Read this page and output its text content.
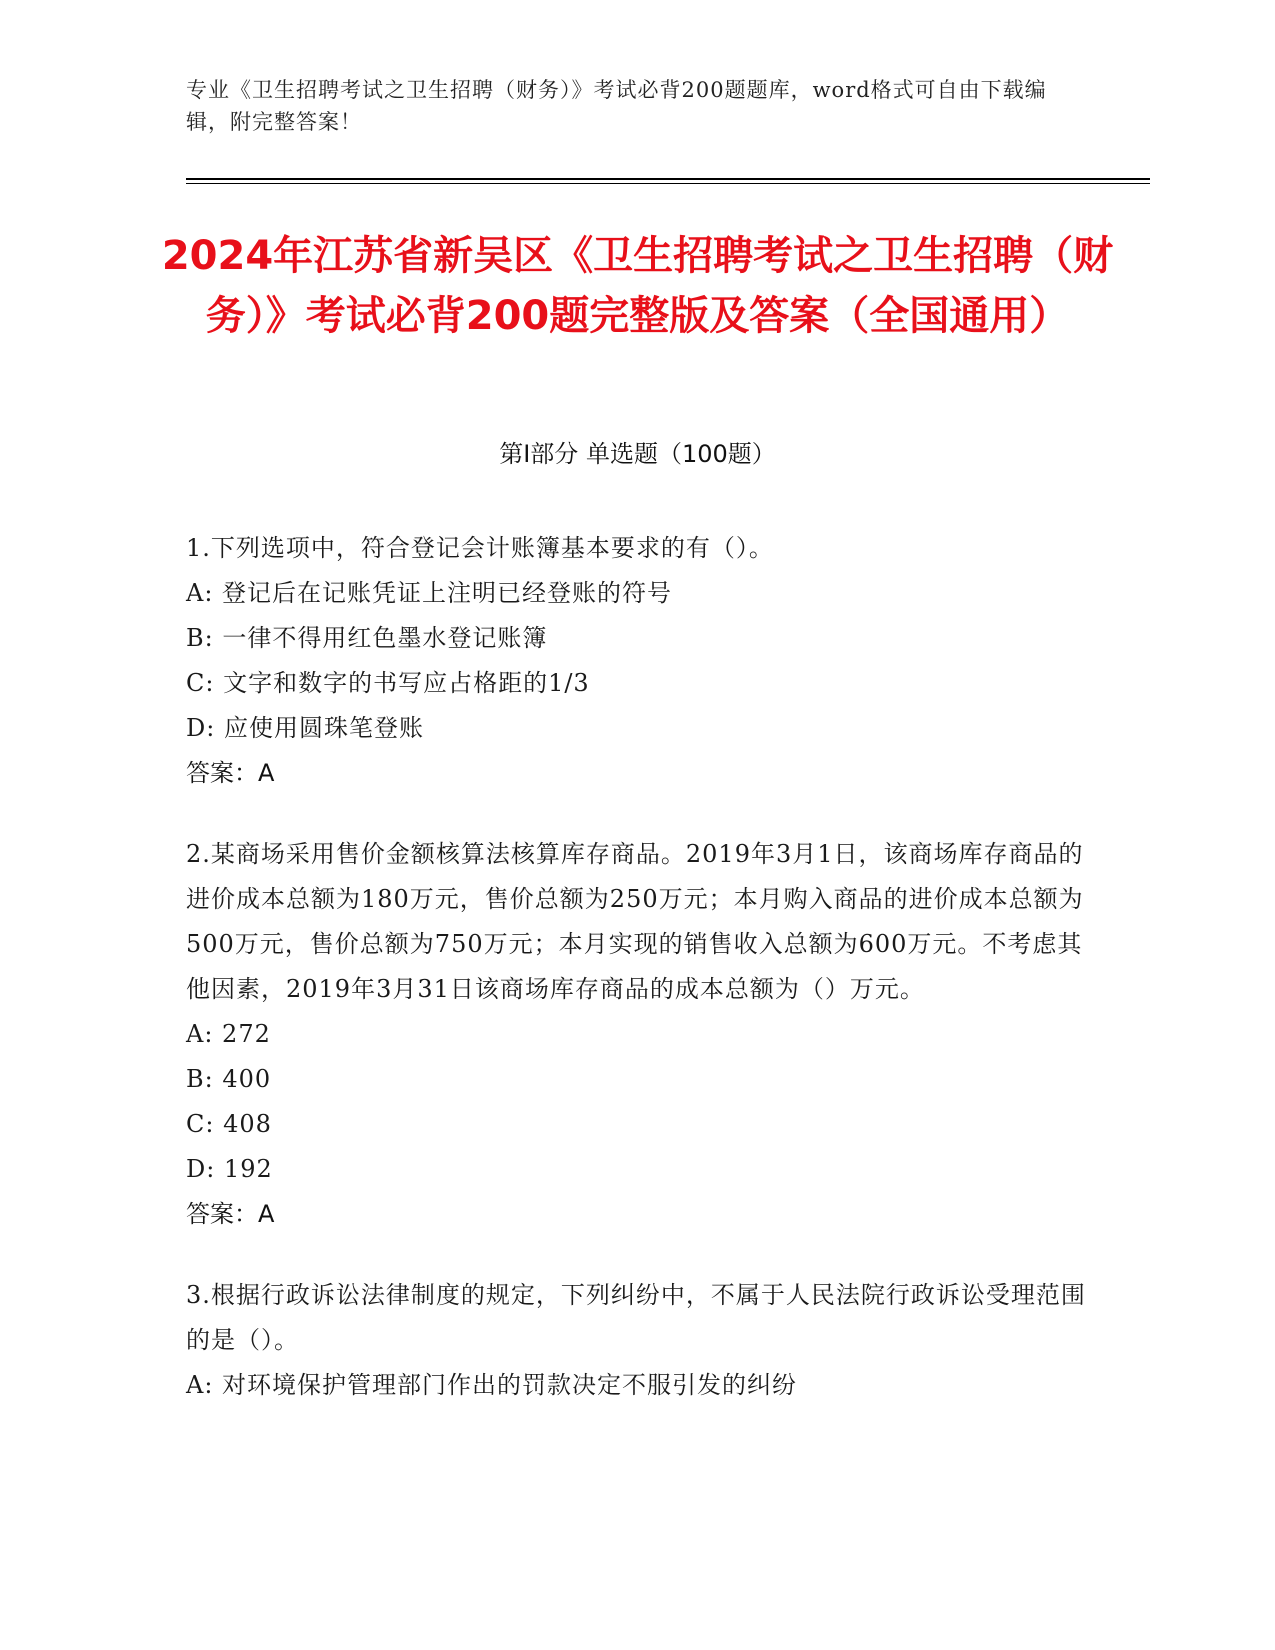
专业《卫生招聘考试之卫生招聘（财务）》考试必背200题题库，word格式可自由下载编辑，附完整答案！
2024年江苏省新吴区《卫生招聘考试之卫生招聘（财务）》考试必背200题完整版及答案（全国通用）
第I部分 单选题（100题）
1.下列选项中，符合登记会计账簿基本要求的有（）。
A: 登记后在记账凭证上注明已经登账的符号
B: 一律不得用红色墨水登记账簿
C: 文字和数字的书写应占格距的1/3
D: 应使用圆珠笔登账
答案：A
2.某商场采用售价金额核算法核算库存商品。2019年3月1日，该商场库存商品的进价成本总额为180万元，售价总额为250万元；本月购入商品的进价成本总额为500万元，售价总额为750万元；本月实现的销售收入总额为600万元。不考虑其他因素，2019年3月31日该商场库存商品的成本总额为（）万元。
A: 272
B: 400
C: 408
D: 192
答案：A
3.根据行政诉讼法律制度的规定，下列纠纷中，不属于人民法院行政诉讼受理范围的是（）。
A: 对环境保护管理部门作出的罚款决定不服引发的纠纷
